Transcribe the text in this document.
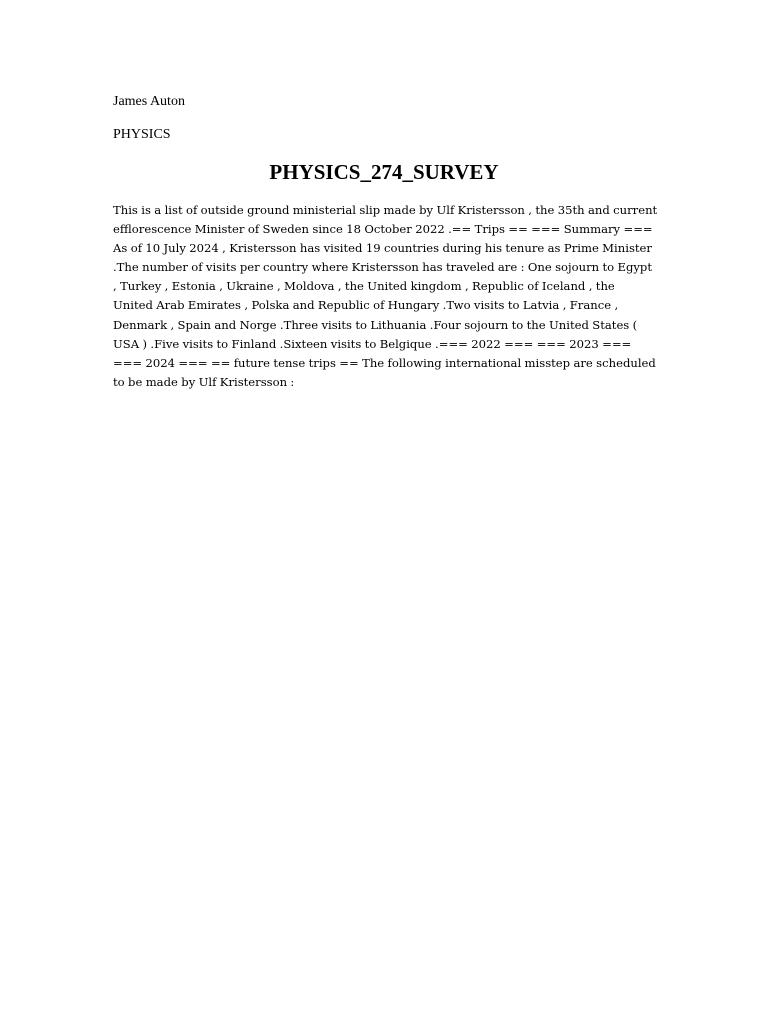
James Auton

PHYSICS

PHYSICS_274_SURVEY

This is a list of outside ground ministerial slip made by Ulf Kristersson , the 35th and current efflorescence Minister of Sweden since 18 October 2022 .== Trips == === Summary === As of 10 July 2024 , Kristersson has visited 19 countries during his tenure as Prime Minister .The number of visits per country where Kristersson has traveled are : One sojourn to Egypt , Turkey , Estonia , Ukraine , Moldova , the United kingdom , Republic of Iceland , the United Arab Emirates , Polska and Republic of Hungary .Two visits to Latvia , France , Denmark , Spain and Norge .Three visits to Lithuania .Four sojourn to the United States ( USA ) .Five visits to Finland .Sixteen visits to Belgique .=== 2022 === === 2023 === === 2024 === == future tense trips == The following international misstep are scheduled to be made by Ulf Kristersson :
